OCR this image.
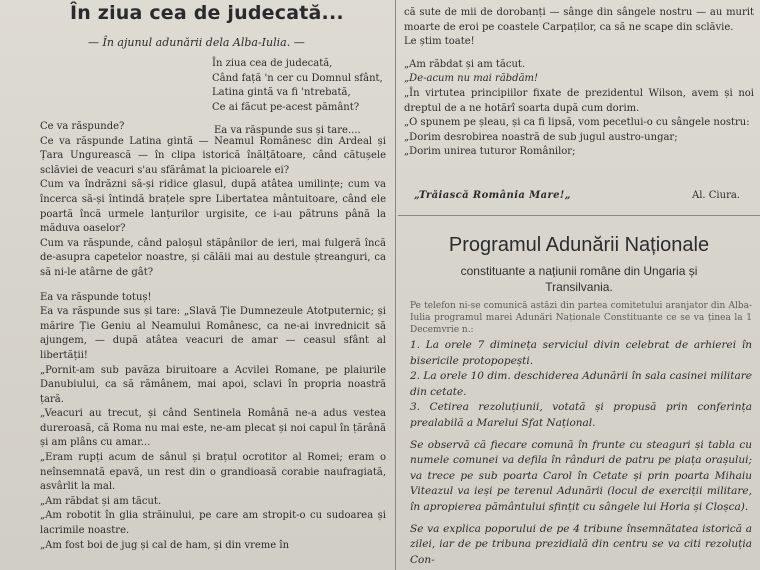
În ziua cea de judecată...
— În ajunul adunării dela Alba-Iulia. —
În ziua cea de judecată,
Când față 'n cer cu Domnul sfânt,
Latina gintă va fi 'ntrebată,
Ce ai făcut pe-acest pământ?
Ea va răspunde sus și tare....

Ce va răspunde?

Ce va răspunde Latina gintă — Neamul Românesc din Ardeal și Țara Ungurească — în clipa istorică înălțătoare, când cătușele sclăviei de veacuri s'au sfărâmat la picioarele ei?

Cum va îndrăzni să-și ridice glasul, după atâtea umilințe; cum va încerca să-și întindă brațele spre Libertatea mântuitoare, când ele poartă încă urmele lanțurilor urgisite, ce i-au pătruns până la măduva oaselor?

Cum va răspunde, când paloșul stăpânilor de ieri, mai fulgeră încă de-asupra capetelor noastre, și călăii mai au destule ștreanguri, ca să ni-le atârne de gât?

Ea va răspunde totuș!

Ea va răspunde sus și tare: „Slavă Ție Dumnezeule Atotputernic; și mărire Ție Geniu al Neamului Românesc, ca ne-ai invrednicit să ajungem, — după atâtea veacuri de amar — ceasul sfânt al libertății!

„Pornit-am sub pavăza biruitoare a Acvilei Romane, pe plaiurile Danubiului, ca să rămânem, mai apoi, sclavi în propria noastră țară.

„Veacuri au trecut, și când Sentinela Română ne-a adus vestea dureroasă, că Roma nu mai este, ne-am plecat și noi capul în țărână și am plâns cu amar...

„Eram rupți acum de sânul și brațul ocrotitor al Romei; eram o neînsemnată epavă, un rest din o grandioasă corabie naufragiată, asvârlit la mal.

„Am răbdat și am tăcut.

„Am robotit în glia străinului, pe care am stropit-o cu sudoarea și lacrimile noastre.

„Am fost boi de jug și cal de ham, și din vreme în

că sute de mii de dorobanți — sânge din sângele nostru — au murit moarte de eroi pe coastele Carpaților, ca să ne scape din sclăvie.

Le știm toate!

„Am răbdat și am tăcut.

„De-acum nu mai răbdăm!

„În virtutea principiilor fixate de prezidentul Wilson, avem și noi dreptul de a ne hotărî soarta după cum dorim.

„O spunem pe șleau, și ca fi lipsă, vom pecetlui-o cu sângele nostru:

„Dorim desrobirea noastră de sub jugul austro-ungar;

„Dorim unirea tuturor Românilor;

„Trăiască România Mare!„	Al. Ciura.
Programul Adunării Naționale
constituante a națiunii române din Ungaria și
Transilvania.
Pe telefon ni-se comunică astăzi din partea comitetului aranjator din Alba-Iulia programul marei Adunări Naționale Constituante ce se va ținea la 1 Decemvrie n.:

1. La orele 7 dimineța serviciul divin celebrat de arhierei în bisericile protopopești.

2. La orele 10 dim. deschiderea Adunării în sala casinei militare din cetate.

3. Cetirea rezoluțiunii, votată și propusă prin conferința prealabilă a Marelui Sfat Național.

Se observă că fiecare comună în frunte cu steaguri și tabla cu numele comunei va defila în rânduri de patru pe piața orașului; va trece pe sub poarta Carol în Cetate și prin poarta Mihaiu Viteazul va ieși pe terenul Adunării (locul de exerciții militare, în apropierea pământului sfințit cu sângele lui Horia și Cloșca).

Se va explica poporului de pe 4 tribune însemnătatea istorică a zilei, iar de pe tribuna prezidială din centru se va citi rezoluția Con-
